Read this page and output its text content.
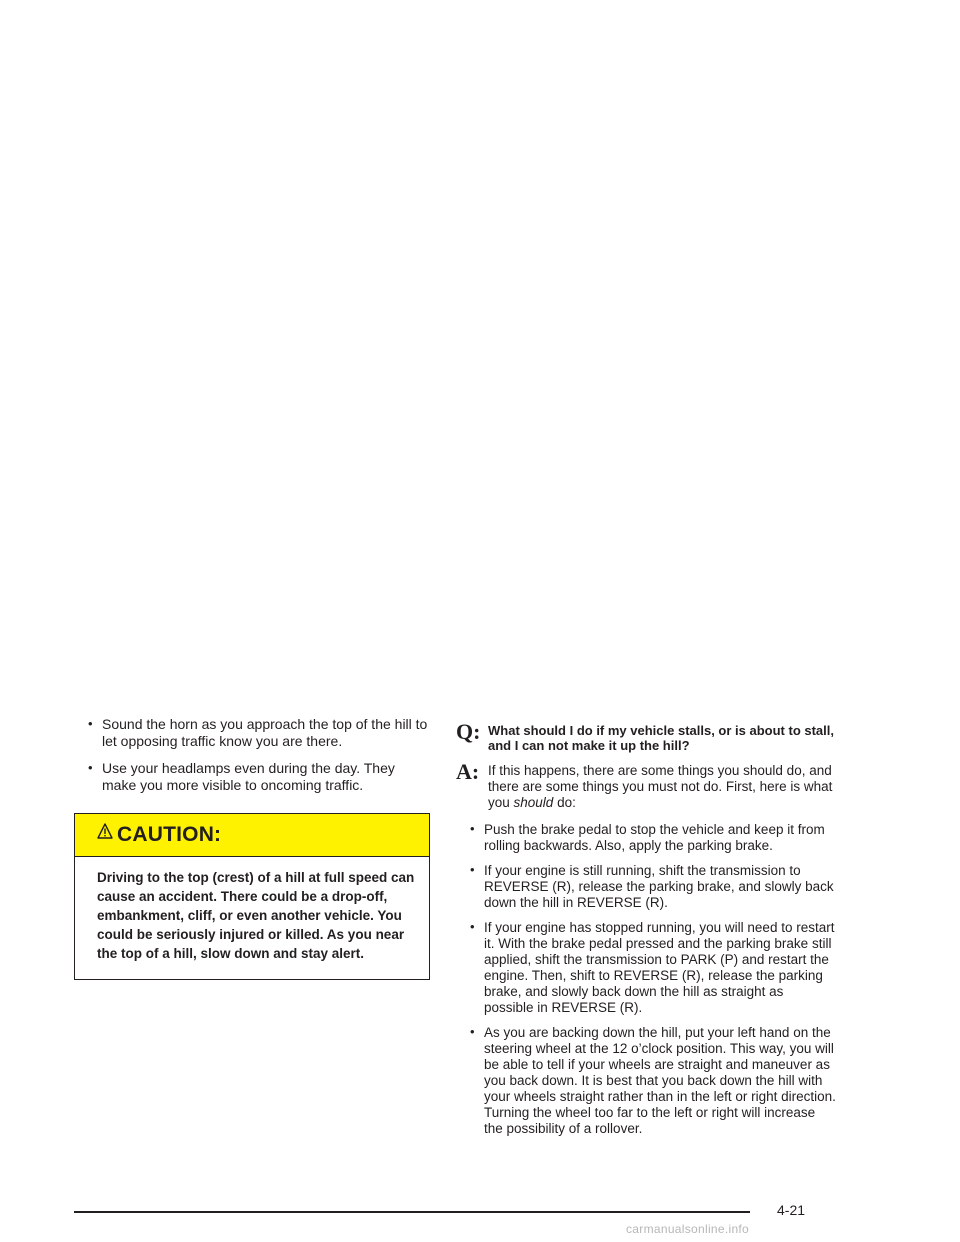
• Sound the horn as you approach the top of the hill to let opposing traffic know you are there.
• Use your headlamps even during the day. They make you more visible to oncoming traffic.
CAUTION:
Driving to the top (crest) of a hill at full speed can cause an accident. There could be a drop-off, embankment, cliff, or even another vehicle. You could be seriously injured or killed. As you near the top of a hill, slow down and stay alert.
Q: What should I do if my vehicle stalls, or is about to stall, and I can not make it up the hill?
A: If this happens, there are some things you should do, and there are some things you must not do. First, here is what you should do:
• Push the brake pedal to stop the vehicle and keep it from rolling backwards. Also, apply the parking brake.
• If your engine is still running, shift the transmission to REVERSE (R), release the parking brake, and slowly back down the hill in REVERSE (R).
• If your engine has stopped running, you will need to restart it. With the brake pedal pressed and the parking brake still applied, shift the transmission to PARK (P) and restart the engine. Then, shift to REVERSE (R), release the parking brake, and slowly back down the hill as straight as possible in REVERSE (R).
• As you are backing down the hill, put your left hand on the steering wheel at the 12 o’clock position. This way, you will be able to tell if your wheels are straight and maneuver as you back down. It is best that you back down the hill with your wheels straight rather than in the left or right direction. Turning the wheel too far to the left or right will increase the possibility of a rollover.
4-21
carmanualsonline.info
